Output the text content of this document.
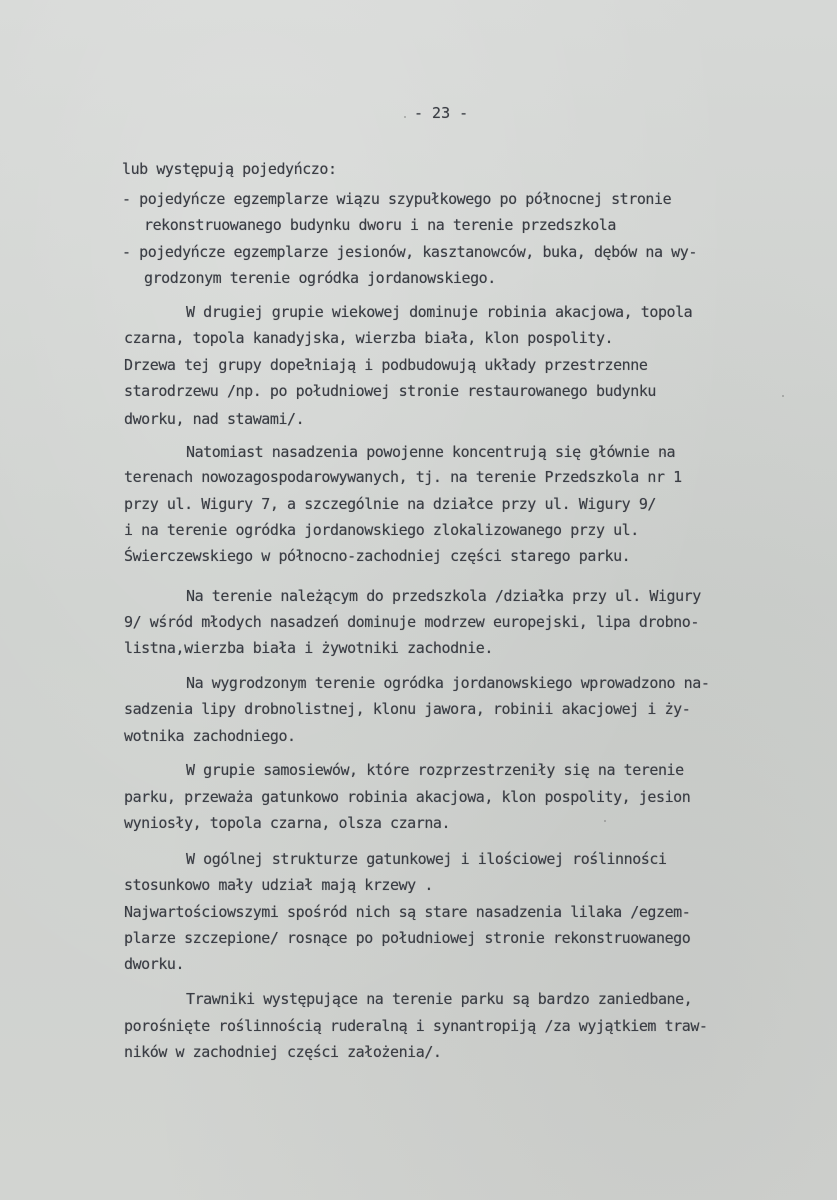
- 23 -
lub występują pojedyńczo:
- pojedyńcze egzemplarze wiązu szypułkowego po północnej stronie
rekonstruowanego budynku dworu i na terenie przedszkola
- pojedyńcze egzemplarze jesionów, kasztanowców, buka, dębów na wy-
grodzonym terenie ogródka jordanowskiego.
W drugiej grupie wiekowej dominuje robinia akacjowa, topola
czarna, topola kanadyjska, wierzba biała, klon pospolity.
Drzewa tej grupy dopełniają i podbudowują układy przestrzenne
starodrzewu /np. po południowej stronie restaurowanego budynku
dworku, nad stawami/.
Natomiast nasadzenia powojenne koncentrują się głównie na
terenach nowozagospodarowywanych, tj. na terenie Przedszkola nr 1
przy ul. Wigury 7, a szczególnie na działce przy ul. Wigury 9/
i na terenie ogródka jordanowskiego zlokalizowanego przy ul.
Świerczewskiego w północno-zachodniej części starego parku.
Na terenie należącym do przedszkola /działka przy ul. Wigury
9/ wśród młodych nasadzeń dominuje modrzew europejski, lipa drobno-
listna,wierzba biała i żywotniki zachodnie.
Na wygrodzonym terenie ogródka jordanowskiego wprowadzono na-
sadzenia lipy drobnolistnej, klonu jawora, robinii akacjowej i ży-
wotnika zachodniego.
W grupie samosiewów, które rozprzestrzeniły się na terenie
parku, przeważa gatunkowo robinia akacjowa, klon pospolity, jesion
wyniosły, topola czarna, olsza czarna.
W ogólnej strukturze gatunkowej i ilościowej roślinności
stosunkowo mały udział mają krzewy .
Najwartościowszymi spośród nich są stare nasadzenia lilaka /egzem-
plarze szczepione/ rosnące po południowej stronie rekonstruowanego
dworku.
Trawniki występujące na terenie parku są bardzo zaniedbane,
porośnięte roślinnością ruderalną i synantropiją /za wyjątkiem traw-
ników w zachodniej części założenia/.
